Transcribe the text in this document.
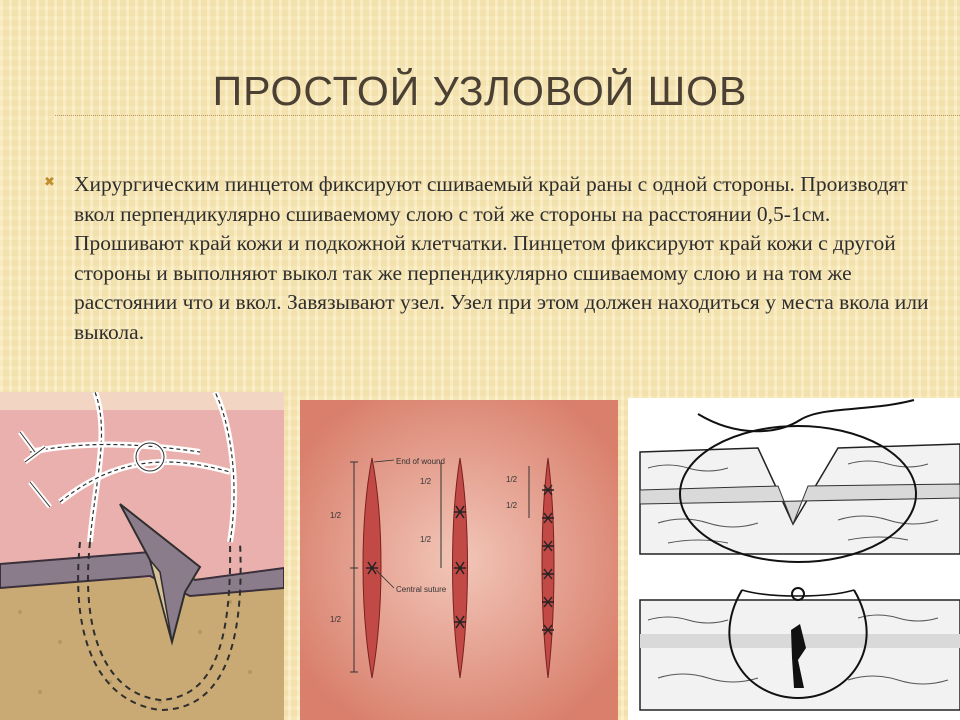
ПРОСТОЙ УЗЛОВОЙ ШОВ
✖ Хирургическим пинцетом фиксируют сшиваемый край раны с одной стороны. Производят вкол перпендикулярно сшиваемому слою с той же стороны на расстоянии 0,5-1см. Прошивают край кожи и подкожной клетчатки. Пинцетом фиксируют край кожи с другой стороны и выполняют выкол так же перпендикулярно сшиваемому слою и на том же расстоянии что и вкол. Завязывают узел. Узел при этом должен находиться у места вкола или выкола.

1/2
1/2
End of wound
Central suture
1/2
1/2
1/2
1/2
